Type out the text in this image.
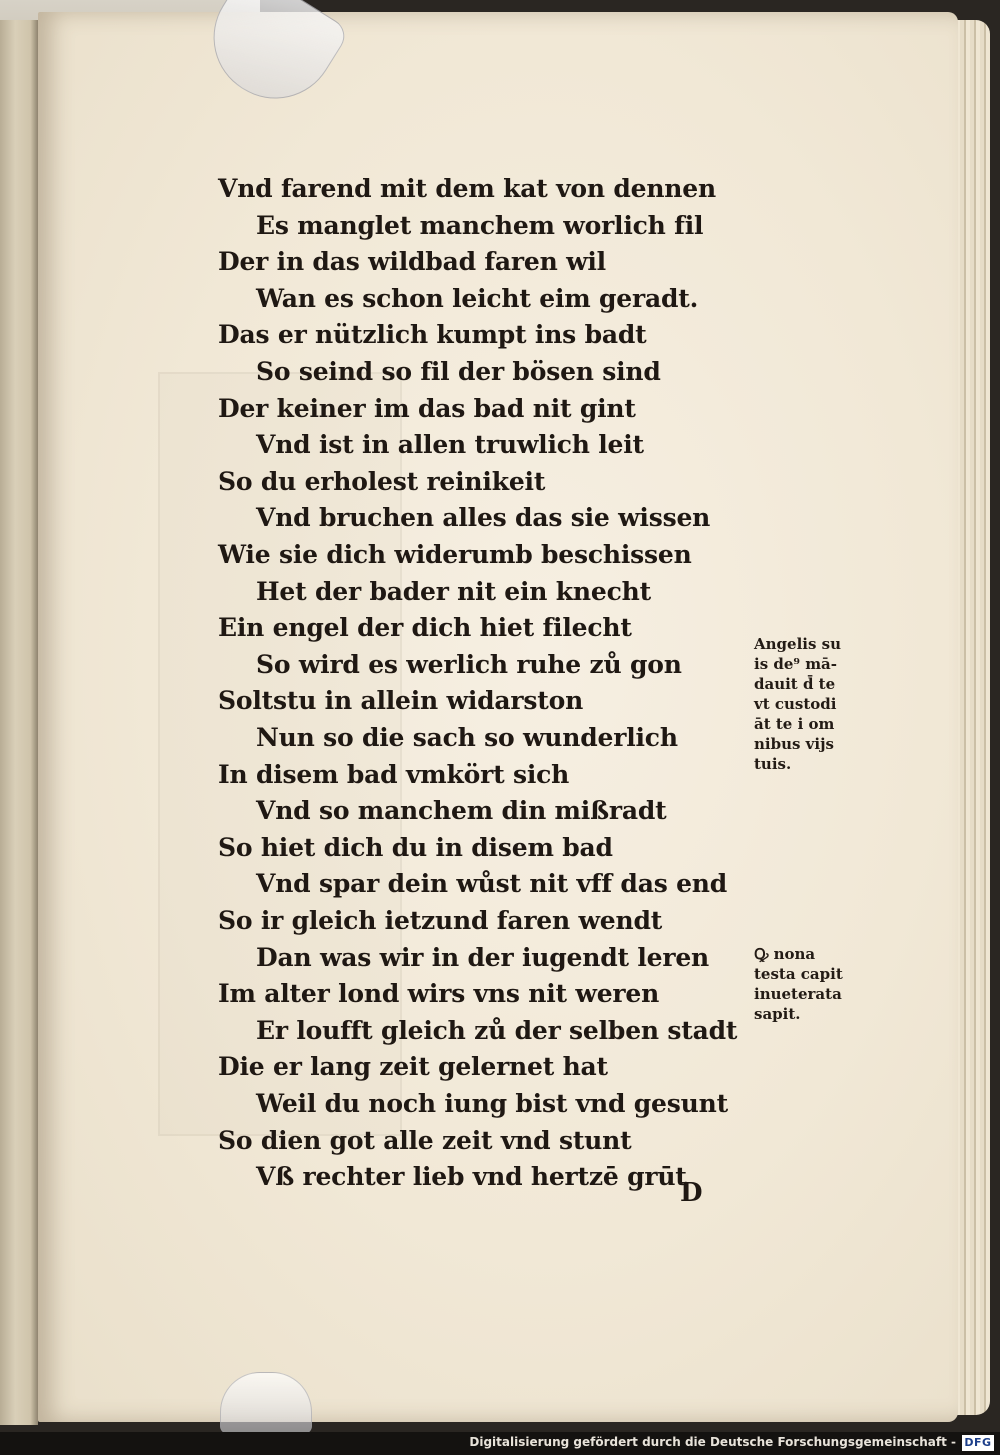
Vnd farend mit dem kat von dennen
Es manglet manchem worlich fil
Der in das wildbad faren wil
Wan es schon leicht eim geradt.
Das er nützlich kumpt ins badt
So seind so fil der bösen sind
Der keiner im das bad nit gint
Vnd ist in allen truwlich leit
So du erholest reinikeit
Vnd bruchen alles das sie wissen
Wie sie dich widerumb beschissen
Het der bader nit ein knecht
Ein engel der dich hiet filecht
So wird es werlich ruhe zů gon
Soltstu in allein widarston
Nun so die sach so wunderlich
In disem bad vmkört sich
Vnd so manchem din mißradt
So hiet dich du in disem bad
Vnd spar dein wůst nit vff das end
So ir gleich ietzund faren wendt
Dan was wir in der iugendt leren
Im alter lond wirs vns nit weren
Er loufft gleich zů der selben stadt
Die er lang zeit gelernet hat
Weil du noch iung bist vnd gesunt
So dien got alle zeit vnd stunt
Vß rechter lieb vnd hertzē grūt
D
Angelis su
is de⁹ mā-
dauit d̄ te
vt custodi
āt te i om
nibus vijs
tuis.
Ꝙ nona
testa capit
inueterata
sapit.
Digitalisierung gefördert durch die Deutsche Forschungsgemeinschaft - DFG
